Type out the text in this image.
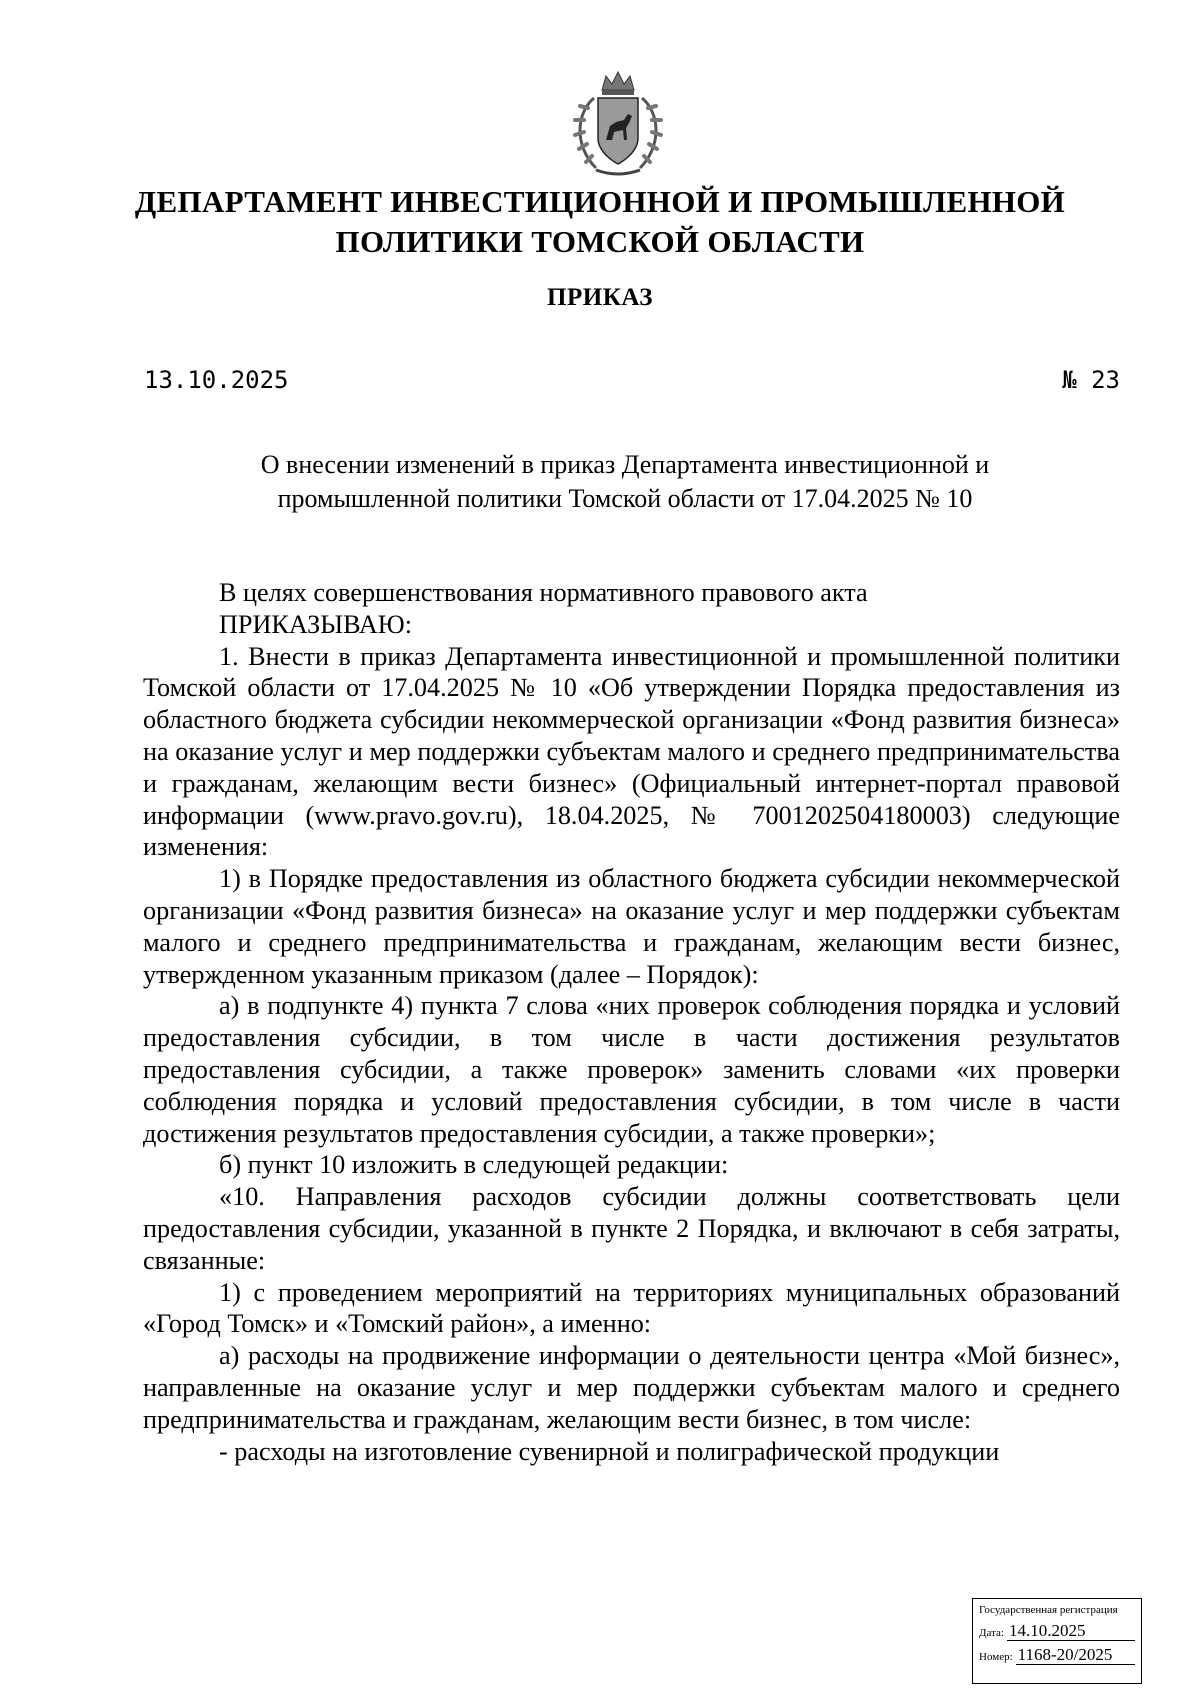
ДЕПАРТАМЕНТ ИНВЕСТИЦИОННОЙ И ПРОМЫШЛЕННОЙ
ПОЛИТИКИ ТОМСКОЙ ОБЛАСТИ
ПРИКАЗ
13.10.2025	№ 23
О внесении изменений в приказ Департамента инвестиционной и
промышленной политики Томской области от 17.04.2025 № 10

В целях совершенствования нормативного правового акта

ПРИКАЗЫВАЮ:

1. Внести в приказ Департамента инвестиционной и промышленной политики Томской области от 17.04.2025 № 10 «Об утверждении Порядка предоставления из областного бюджета субсидии некоммерческой организации «Фонд развития бизнеса» на оказание услуг и мер поддержки субъектам малого и среднего предпринимательства и гражданам, желающим вести бизнес» (Официальный интернет-портал правовой информации (www.pravo.gov.ru), 18.04.2025, № 7001202504180003) следующие изменения:

1) в Порядке предоставления из областного бюджета субсидии некоммерческой организации «Фонд развития бизнеса» на оказание услуг и мер поддержки субъектам малого и среднего предпринимательства и гражданам, желающим вести бизнес, утвержденном указанным приказом (далее – Порядок):

а) в подпункте 4) пункта 7 слова «них проверок соблюдения порядка и условий предоставления субсидии, в том числе в части достижения результатов предоставления субсидии, а также проверок» заменить словами «их проверки соблюдения порядка и условий предоставления субсидии, в том числе в части достижения результатов предоставления субсидии, а также проверки»;

б) пункт 10 изложить в следующей редакции:

«10. Направления расходов субсидии должны соответствовать цели предоставления субсидии, указанной в пункте 2 Порядка, и включают в себя затраты, связанные:

1) с проведением мероприятий на территориях муниципальных образований «Город Томск» и «Томский район», а именно:

а) расходы на продвижение информации о деятельности центра «Мой бизнес», направленные на оказание услуг и мер поддержки субъектам малого и среднего предпринимательства и гражданам, желающим вести бизнес, в том числе:

- расходы на изготовление сувенирной и полиграфической продукции

Государственная регистрация
Дата: 14.10.2025
Номер: 1168-20/2025
